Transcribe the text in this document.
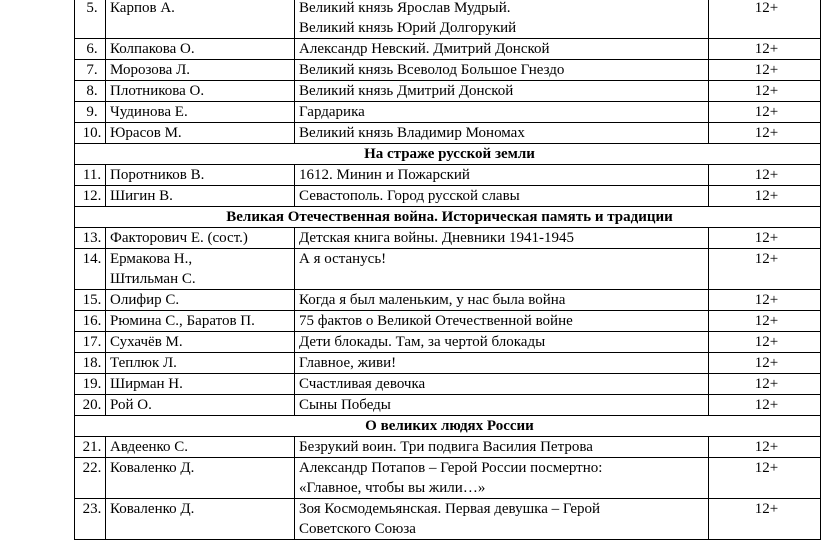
5.	Карпов А.	Великий князь Ярослав Мудрый.
Великий князь Юрий Долгорукий	12+
6.	Колпакова О.	Александр Невский. Дмитрий Донской	12+
7.	Морозова Л.	Великий князь Всеволод Большое Гнездо	12+
8.	Плотникова О.	Великий князь Дмитрий Донской	12+
9.	Чудинова Е.	Гардарика	12+
10.	Юрасов М.	Великий князь Владимир Мономах	12+
На страже русской земли			
11.	Поротников В.	1612. Минин и Пожарский	12+
12.	Шигин В.	Севастополь. Город русской славы	12+
Великая Отечественная война. Историческая память и традиции			
13.	Факторович Е. (сост.)	Детская книга войны. Дневники 1941-1945	12+
14.	Ермакова Н.,
Штильман С.	А я останусь!	12+
15.	Олифир С.	Когда я был маленьким, у нас была война	12+
16.	Рюмина С., Баратов П.	75 фактов о Великой Отечественной войне	12+
17.	Сухачёв М.	Дети блокады. Там, за чертой блокады	12+
18.	Теплюк Л.	Главное, живи!	12+
19.	Ширман Н.	Счастливая девочка	12+
20.	Рой О.	Сыны Победы	12+
О великих людях России			
21.	Авдеенко С.	Безрукий воин. Три подвига Василия Петрова	12+
22.	Коваленко Д.	Александр Потапов – Герой России посмертно:
«Главное, чтобы вы жили…»	12+
23.	Коваленко Д.	Зоя Космодемьянская. Первая девушка – Герой
Советского Союза	12+
